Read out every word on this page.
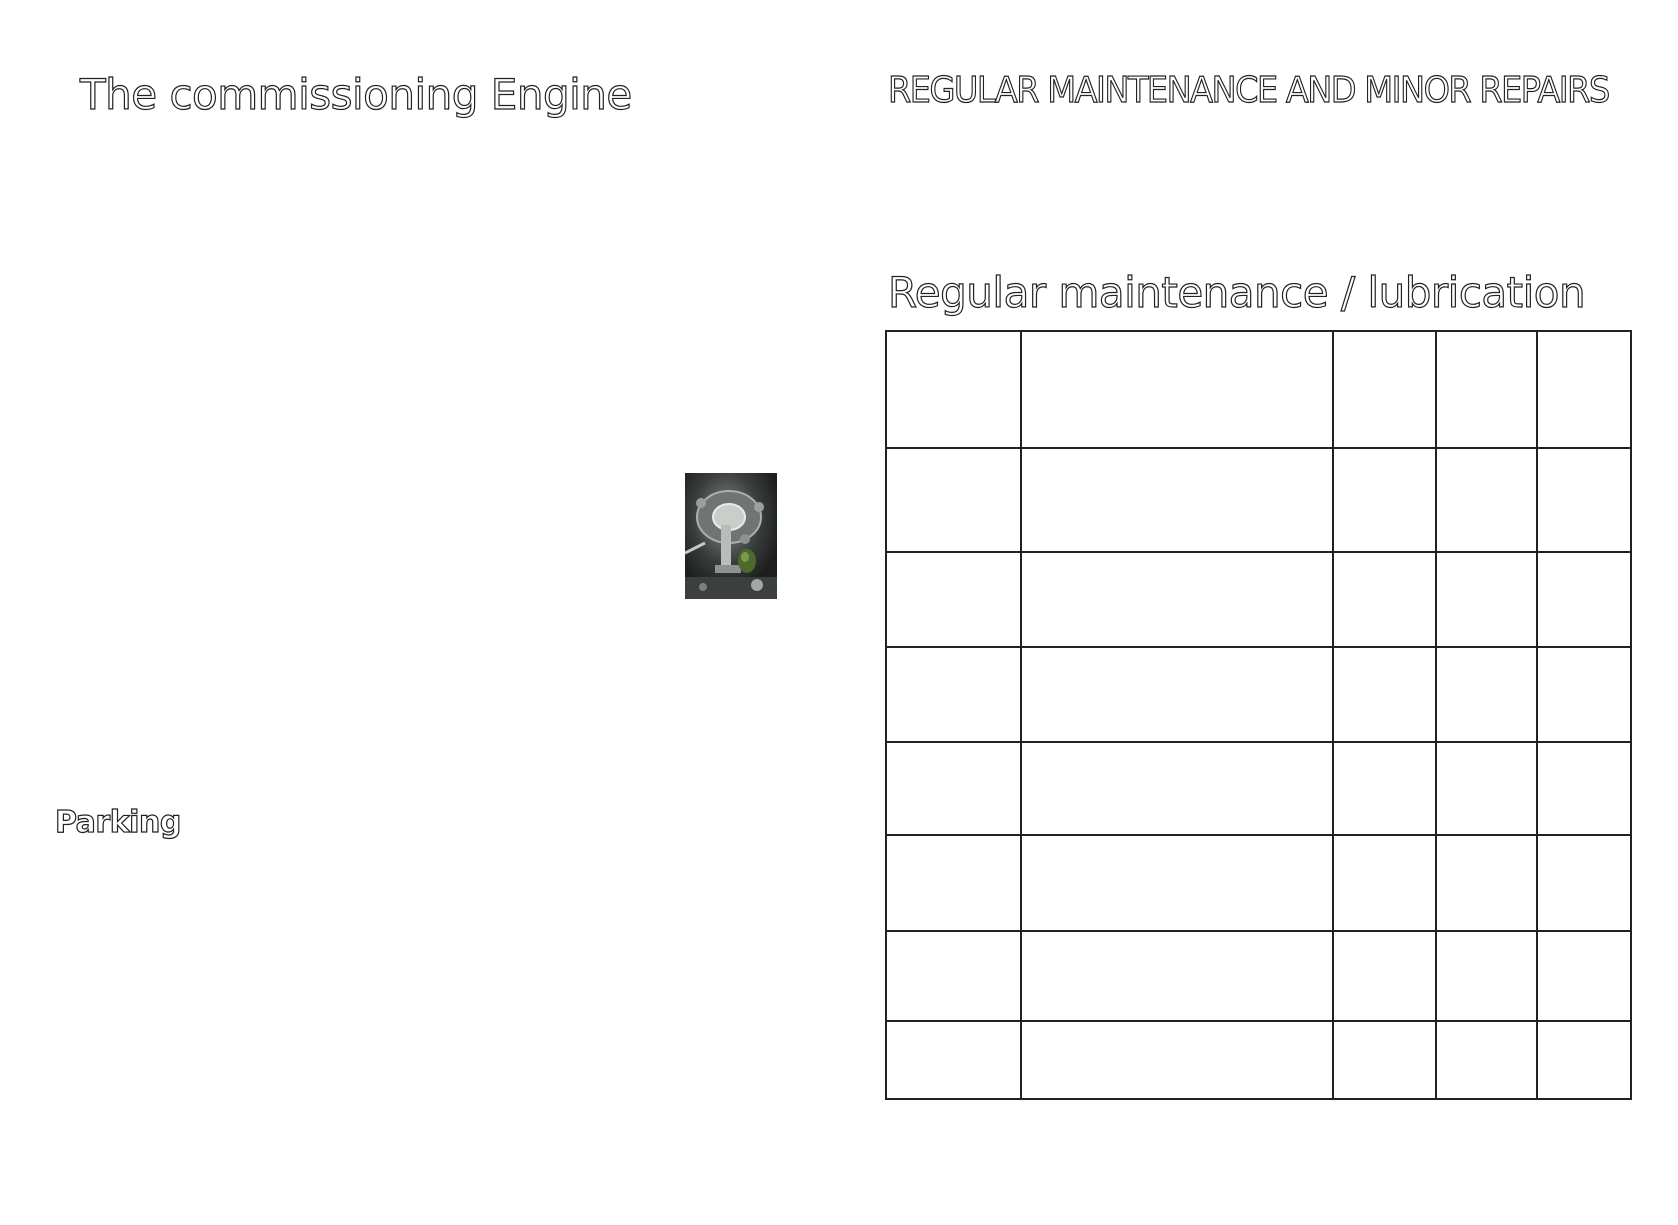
The commissioning Engine
Parking
REGULAR MAINTENANCE AND MINOR REPAIRS
Regular maintenance / lubrication
